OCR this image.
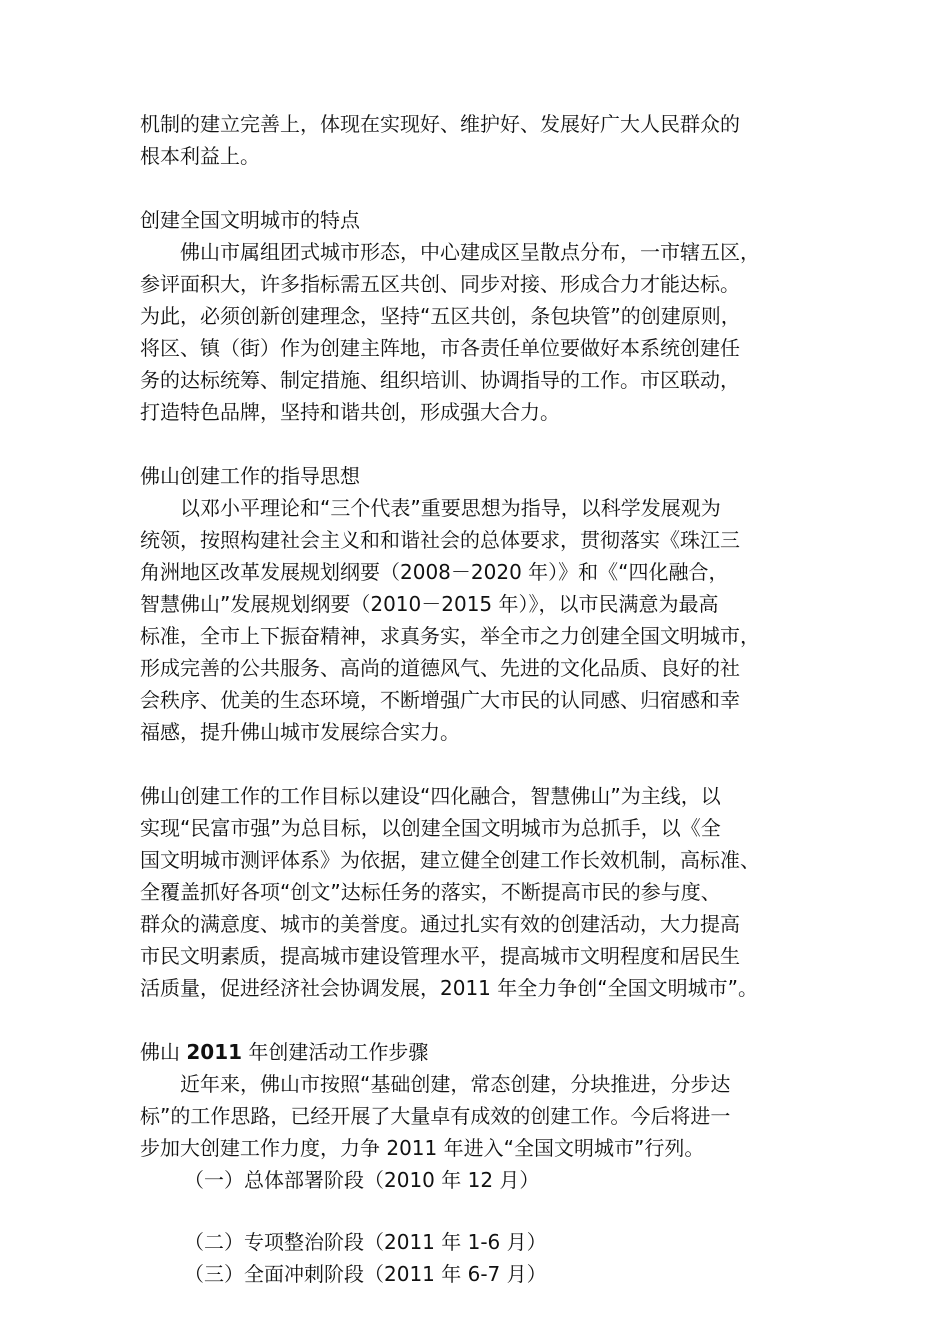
机制的建立完善上，体现在实现好、维护好、发展好广大人民群众的
根本利益上。
创建全国文明城市的特点
佛山市属组团式城市形态，中心建成区呈散点分布，一市辖五区，
参评面积大，许多指标需五区共创、同步对接、形成合力才能达标。
为此，必须创新创建理念，坚持“五区共创，条包块管”的创建原则，
将区、镇（街）作为创建主阵地，市各责任单位要做好本系统创建任
务的达标统筹、制定措施、组织培训、协调指导的工作。市区联动，
打造特色品牌，坚持和谐共创，形成强大合力。
佛山创建工作的指导思想
以邓小平理论和“三个代表”重要思想为指导，以科学发展观为
统领，按照构建社会主义和和谐社会的总体要求，贯彻落实《珠江三
角洲地区改革发展规划纲要（2008－2020 年）》和《“四化融合，
智慧佛山”发展规划纲要（2010－2015 年）》，以市民满意为最高
标准，全市上下振奋精神，求真务实，举全市之力创建全国文明城市，
形成完善的公共服务、高尚的道德风气、先进的文化品质、良好的社
会秩序、优美的生态环境，不断增强广大市民的认同感、归宿感和幸
福感，提升佛山城市发展综合实力。
佛山创建工作的工作目标以建设“四化融合，智慧佛山”为主线，以
实现“民富市强”为总目标，以创建全国文明城市为总抓手，以《全
国文明城市测评体系》为依据，建立健全创建工作长效机制，高标准、
全覆盖抓好各项“创文”达标任务的落实，不断提高市民的参与度、
群众的满意度、城市的美誉度。通过扎实有效的创建活动，大力提高
市民文明素质，提高城市建设管理水平，提高城市文明程度和居民生
活质量，促进经济社会协调发展，2011 年全力争创“全国文明城市”。
佛山 2011 年创建活动工作步骤
近年来，佛山市按照“基础创建，常态创建，分块推进，分步达
标”的工作思路，已经开展了大量卓有成效的创建工作。今后将进一
步加大创建工作力度，力争 2011 年进入“全国文明城市”行列。
（一）总体部署阶段（2010 年 12 月）
（二）专项整治阶段（2011 年 1-6 月）
（三）全面冲刺阶段（2011 年 6-7 月）
